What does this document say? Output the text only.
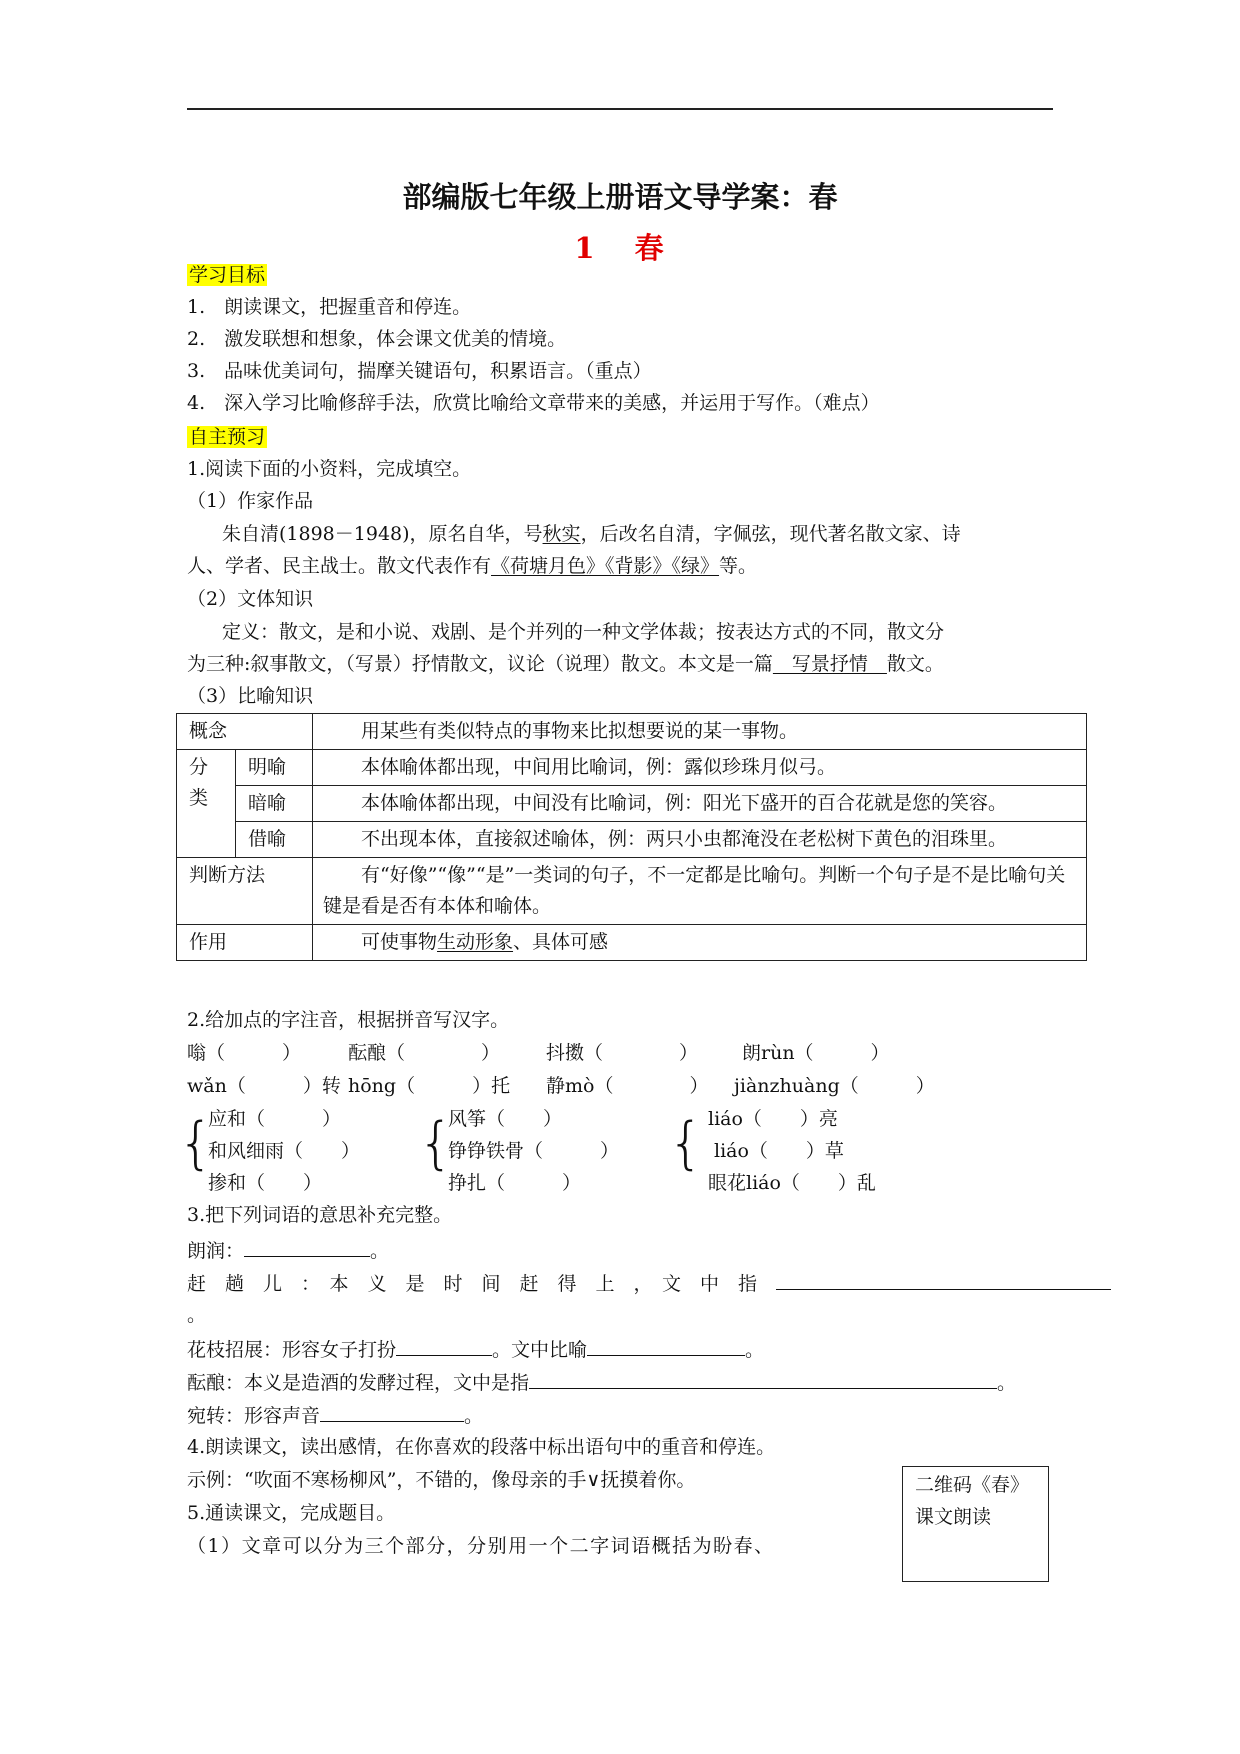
部编版七年级上册语文导学案：春
1 春
学习目标
1.　朗读课文，把握重音和停连。
2.　激发联想和想象，体会课文优美的情境。
3.　品味优美词句，揣摩关键语句，积累语言。（重点）
4.　深入学习比喻修辞手法，欣赏比喻给文章带来的美感，并运用于写作。（难点）
自主预习
1.阅读下面的小资料，完成填空。
（1）作家作品
朱自清(1898－1948)，原名自华，号秋实，后改名自清，字佩弦，现代著名散文家、诗
人、学者、民主战士。散文代表作有《荷塘月色》《背影》《绿》等。
（2）文体知识
定义：散文，是和小说、戏剧、是个并列的一种文学体裁；按表达方式的不同，散文分
为三种:叙事散文，（写景）抒情散文，议论（说理）散文。本文是一篇　写景抒情　散文。
（3）比喻知识
概念		用某些有类似特点的事物来比拟想要说的某一事物。

分类	明喻	本体喻体都出现，中间用比喻词，例：露似珍珠月似弓。
	暗喻	本体喻体都出现，中间没有比喻词，例：阳光下盛开的百合花就是您的笑容。
	借喻	不出现本体，直接叙述喻体，例：两只小虫都淹没在老松树下黄色的泪珠里。
判断方法		有“好像”“像”“是”一类词的句子，不一定都是比喻句。判断一个句子是不是比喻句关键是看是否有本体和喻体。
作用		可使事物生动形象、具体可感
2.给加点的字注音，根据拼音写汉字。
嗡（　　　） 酝酿（　　　　） 抖擞（　　　　） 朗rùn（　　　）
wǎn（　　　）转 hōng（　　　）托 静mò（　　　　） jiànzhuàng（　　　）
{
应和（　　　）
和风细雨（　　）
掺和（　　）
{
风筝（　　）
铮铮铁骨（　　　）
挣扎（　　　）
{ liáo（　　）亮
liáo（　　）草
眼花liáo（　　）乱
3.把下列词语的意思补充完整。
朗润：	。
赶　趟　儿　：　本　义　是　时　间　赶　得　上　，　文　中　指　
。
花枝招展：形容女子打扮	。文中比喻	。
酝酿：本义是造酒的发酵过程，文中是指	。
宛转：形容声音	。
4.朗读课文，读出感情，在你喜欢的段落中标出语句中的重音和停连。
示例：“吹面不寒杨柳风”，不错的，像母亲的手∨抚摸着你。
5.通读课文，完成题目。
（1）文章可以分为三个部分，分别用一个二字词语概括为盼春、
二维码《春》
课文朗读
